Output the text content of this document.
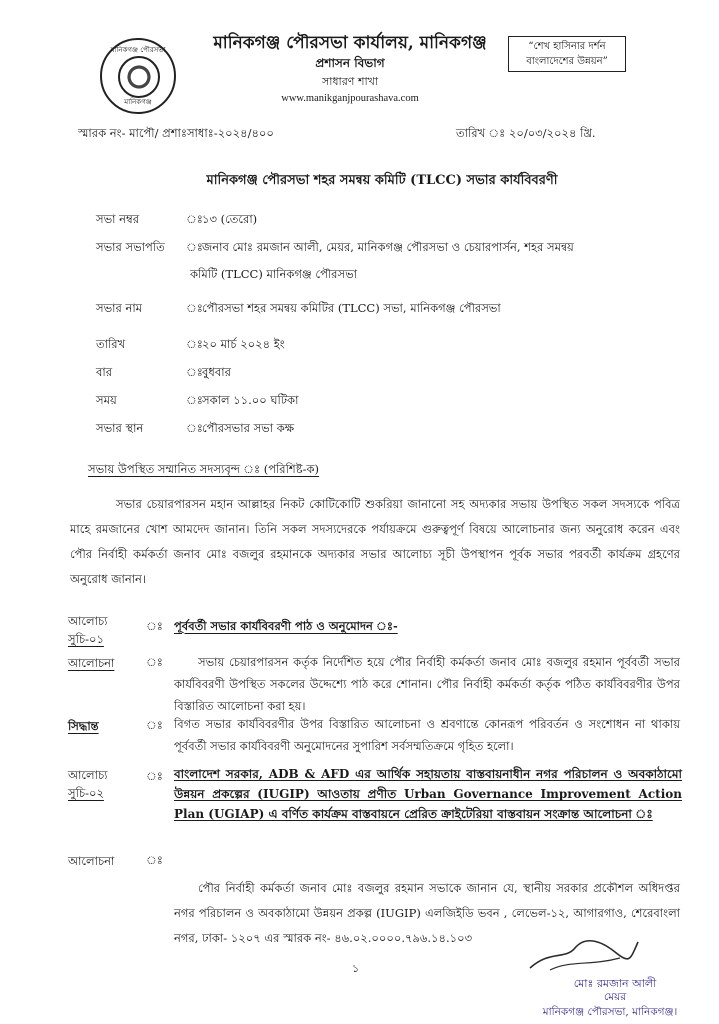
মানিকগঞ্জ পৌরসভা
মানিকগঞ্জ
মানিকগঞ্জ পৌরসভা কার্যালয়, মানিকগঞ্জ
প্রশাসন বিভাগ
সাধারণ শাখা
www.manikganjpourashava.com
“শেখ হাসিনার দর্শন
বাংলাদেশের উন্নয়ন”
স্মারক নং- মাপৌ/ প্রশাঃসাধাঃ-২০২৪/৪০০	তারিখ ঃ ২০/০৩/২০২৪ খ্রি.
মানিকগঞ্জ পৌরসভা শহর সমন্বয় কমিটি (TLCC) সভার কার্যবিবরণী
সভা নম্বর	ঃ ১৩ (তেরো)
সভার সভাপতি ঃ জনাব মোঃ রমজান আলী, মেয়র, মানিকগঞ্জ পৌরসভা ও চেয়ারপার্সন, শহর সমন্বয়
কমিটি (TLCC) মানিকগঞ্জ পৌরসভা
সভার নাম	ঃ পৌরসভা শহর সমন্বয় কমিটির (TLCC) সভা, মানিকগঞ্জ পৌরসভা
তারিখ	ঃ ২০ মার্চ ২০২৪ ইং
বার	ঃ বুধবার
সময়	ঃ সকাল ১১.০০ ঘটিকা
সভার স্থান	ঃ পৌরসভার সভা কক্ষ
সভায় উপস্থিত সম্মানিত সদস্যবৃন্দ ঃ (পরিশিষ্ট-ক)
সভার চেয়ারপারসন মহান আল্লাহর নিকট কোটিকোটি শুকরিয়া জানানো সহ অদ্যকার সভায় উপস্থিত সকল সদস্যকে পবিত্র মাহে রমজানের খোশ আমদেদ জানান। তিনি সকল সদস্যদেরকে পর্যায়ক্রমে গুরুত্বপূর্ণ বিষয়ে আলোচনার জন্য অনুরোধ করেন এবং পৌর নির্বাহী কর্মকর্তা জনাব মোঃ বজলুর রহমানকে অদ্যকার সভার আলোচ্য সূচী উপস্থাপন পূর্বক সভার পরবর্তী কার্যক্রম গ্রহণের অনুরোধ জানান।
আলোচ্য
সুচি-০১
ঃ পূর্ববর্তী সভার কার্যবিবরণী পাঠ ও অনুমোদন ঃ-
আলোচনা	ঃ	সভায় চেয়ারপারসন কর্তৃক নির্দেশিত হয়ে পৌর নির্বাহী কর্মকর্তা জনাব মোঃ বজলুর রহমান পূর্ববর্তী সভার কার্যবিবরণী উপস্থিত সকলের উদ্দেশ্যে পাঠ করে শোনান। পৌর নির্বাহী কর্মকর্তা কর্তৃক পঠিত কার্যবিবরণীর উপর বিস্তারিত আলোচনা করা হয়।
সিদ্ধান্ত	ঃ বিগত সভার কার্যবিবরণীর উপর বিস্তারিত আলোচনা ও শ্রবণান্তে কোনরূপ পরিবর্তন ও সংশোধন না থাকায় পূর্ববর্তী সভার কার্যবিবরণী অনুমোদনের সুপারিশ সর্বসম্মতিক্রমে গৃহিত হলো।
আলোচ্য
সুচি-০২
ঃ বাংলাদেশ সরকার, ADB & AFD এর আর্থিক সহায়তায় বাস্তবায়নাধীন নগর পরিচালন ও অবকাঠামো উন্নয়ন প্রকল্পের (IUGIP) আওতায় প্রণীত Urban Governance Improvement Action Plan (UGIAP) এ বর্ণিত কার্যক্রম বাস্তবায়নে প্রেরিত ক্রাইটেরিয়া বাস্তবায়ন সংক্রান্ত আলোচনা ঃ
আলোচনা	ঃ
পৌর নির্বাহী কর্মকর্তা জনাব মোঃ বজলুর রহমান সভাকে জানান যে, স্থানীয় সরকার প্রকৌশল অধিদপ্তর নগর পরিচালন ও অবকাঠামো উন্নয়ন প্রকল্প (IUGIP) এলজিইডি ভবন , লেভেল-১২, আগারগাও, শেরেবাংলা নগর, ঢাকা- ১২০৭ এর স্মারক নং- ৪৬.০২.০০০০.৭৯৬.১৪.১০৩
১
মোঃ রমজান আলী
মেয়র
মানিকগঞ্জ পৌরসভা, মানিকগঞ্জ।
